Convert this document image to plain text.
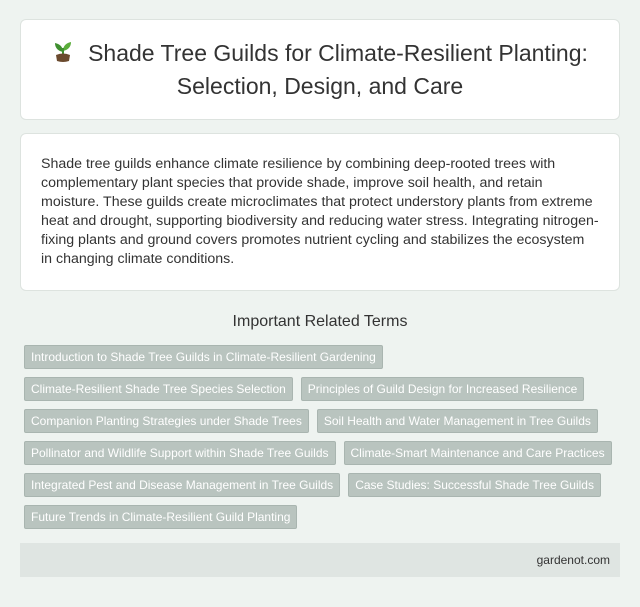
Shade Tree Guilds for Climate-Resilient Planting: Selection, Design, and Care

Shade tree guilds enhance climate resilience by combining deep-rooted trees with complementary plant species that provide shade, improve soil health, and retain moisture. These guilds create microclimates that protect understory plants from extreme heat and drought, supporting biodiversity and reducing water stress. Integrating nitrogen-fixing plants and ground covers promotes nutrient cycling and stabilizes the ecosystem in changing climate conditions.

Important Related Terms
Introduction to Shade Tree Guilds in Climate-Resilient Gardening
Climate-Resilient Shade Tree Species Selection	Principles of Guild Design for Increased Resilience
Companion Planting Strategies under Shade Trees	Soil Health and Water Management in Tree Guilds
Pollinator and Wildlife Support within Shade Tree Guilds	Climate-Smart Maintenance and Care Practices
Integrated Pest and Disease Management in Tree Guilds	Case Studies: Successful Shade Tree Guilds
Future Trends in Climate-Resilient Guild Planting
gardenot.com
